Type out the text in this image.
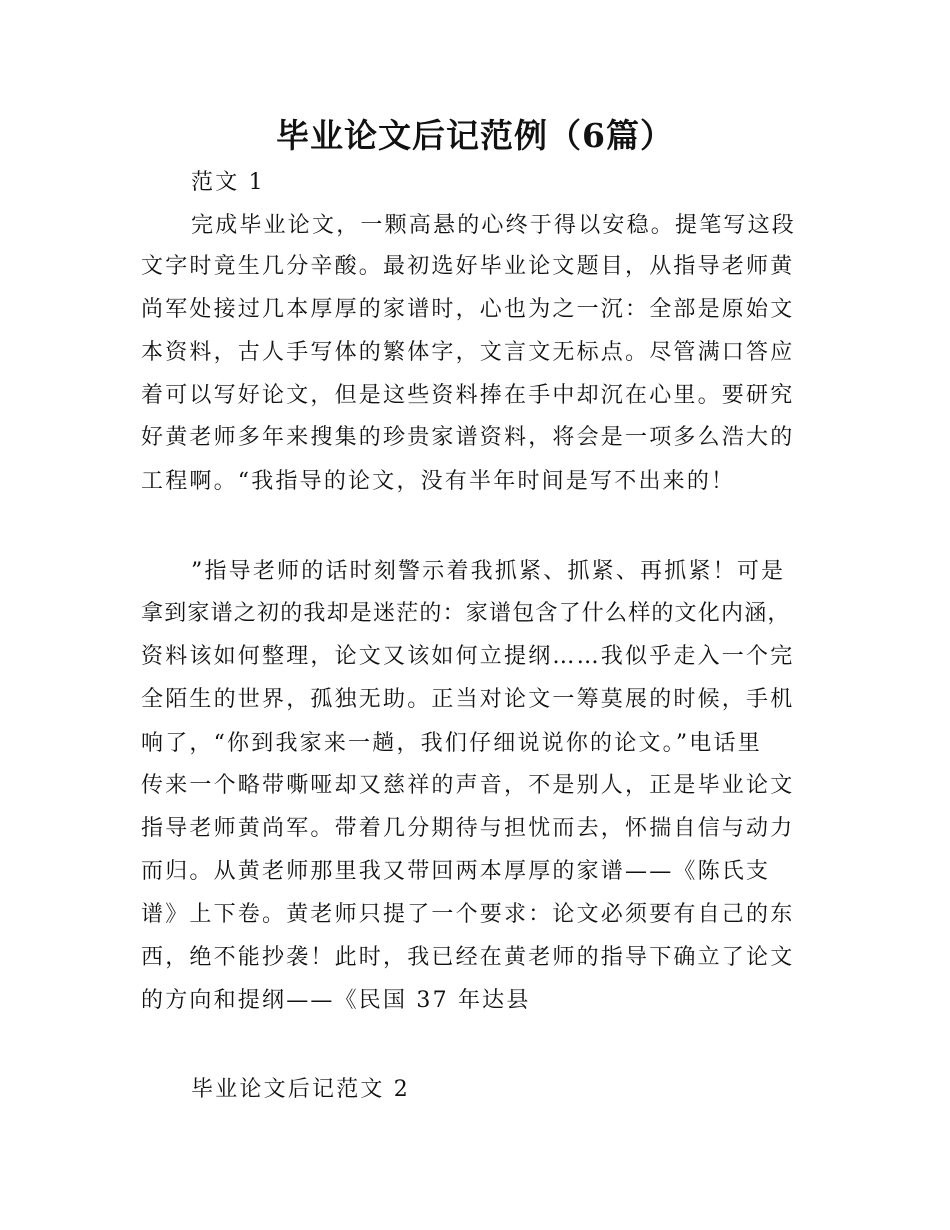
毕业论文后记范例（6篇）

范文 1

完成毕业论文，一颗高悬的心终于得以安稳。提笔写这段

文字时竟生几分辛酸。最初选好毕业论文题目，从指导老师黄

尚军处接过几本厚厚的家谱时，心也为之一沉：全部是原始文

本资料，古人手写体的繁体字，文言文无标点。尽管满口答应

着可以写好论文，但是这些资料捧在手中却沉在心里。要研究

好黄老师多年来搜集的珍贵家谱资料，将会是一项多么浩大的

工程啊。“我指导的论文，没有半年时间是写不出来的！

”指导老师的话时刻警示着我抓紧、抓紧、再抓紧！可是

拿到家谱之初的我却是迷茫的：家谱包含了什么样的文化内涵，

资料该如何整理，论文又该如何立提纲……我似乎走入一个完

全陌生的世界，孤独无助。正当对论文一筹莫展的时候，手机

响了，“你到我家来一趟，我们仔细说说你的论文。”电话里

传来一个略带嘶哑却又慈祥的声音，不是别人，正是毕业论文

指导老师黄尚军。带着几分期待与担忧而去，怀揣自信与动力

而归。从黄老师那里我又带回两本厚厚的家谱——《陈氏支

谱》上下卷。黄老师只提了一个要求：论文必须要有自己的东

西，绝不能抄袭！此时，我已经在黄老师的指导下确立了论文

的方向和提纲——《民国 37 年达县

毕业论文后记范文 2
